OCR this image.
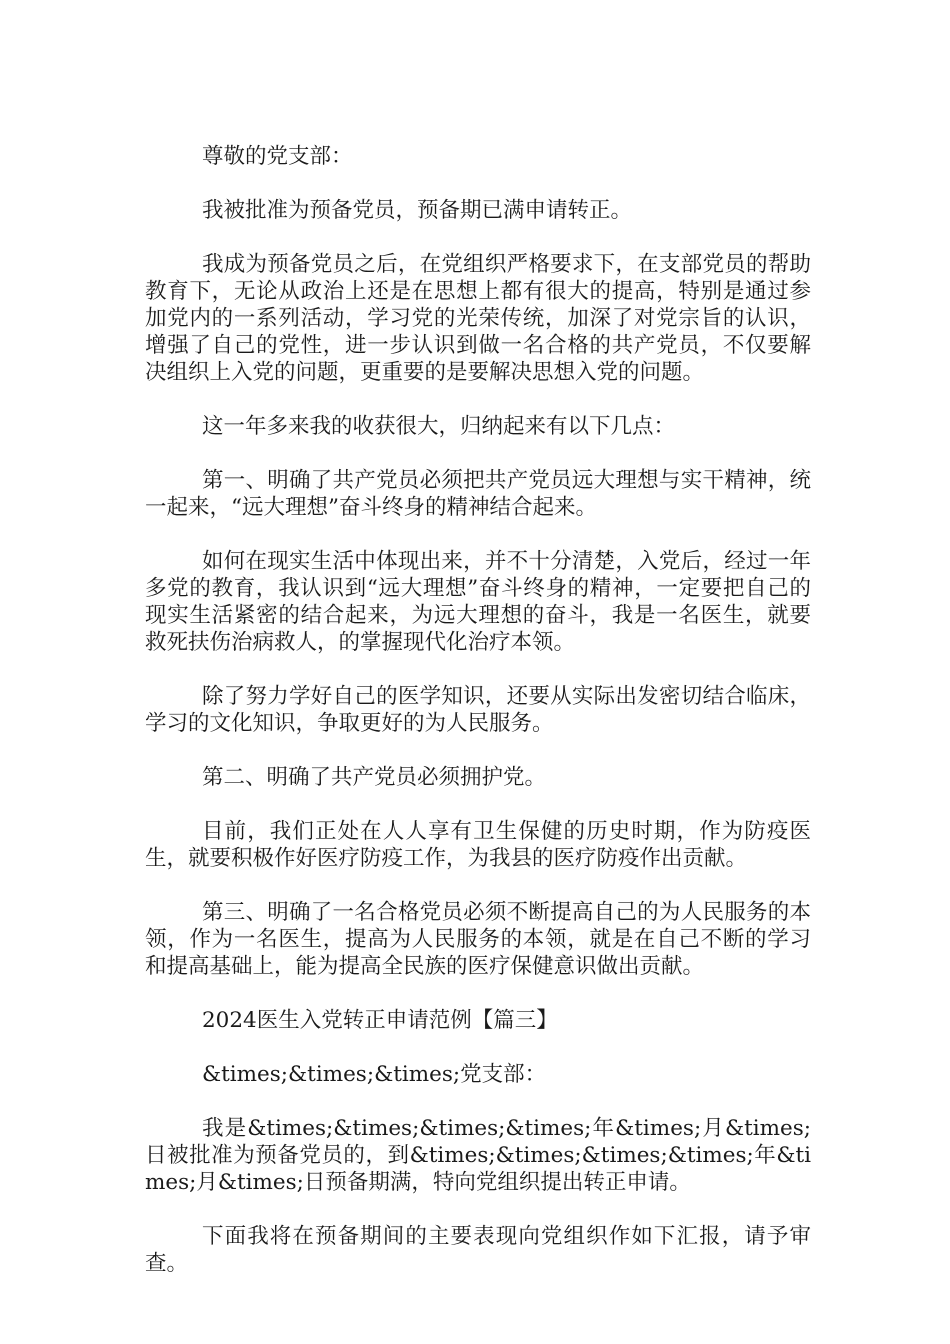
尊敬的党支部：

我被批准为预备党员，预备期已满申请转正。

我成为预备党员之后，在党组织严格要求下，在支部党员的帮助教育下，无论从政治上还是在思想上都有很大的提高，特别是通过参加党内的一系列活动，学习党的光荣传统，加深了对党宗旨的认识，增强了自己的党性，进一步认识到做一名合格的共产党员，不仅要解决组织上入党的问题，更重要的是要解决思想入党的问题。

这一年多来我的收获很大，归纳起来有以下几点：

第一、明确了共产党员必须把共产党员远大理想与实干精神，统一起来，“远大理想”奋斗终身的精神结合起来。

如何在现实生活中体现出来，并不十分清楚，入党后，经过一年多党的教育，我认识到“远大理想”奋斗终身的精神，一定要把自己的现实生活紧密的结合起来，为远大理想的奋斗，我是一名医生，就要救死扶伤治病救人，的掌握现代化治疗本领。

除了努力学好自己的医学知识，还要从实际出发密切结合临床，学习的文化知识，争取更好的为人民服务。

第二、明确了共产党员必须拥护党。

目前，我们正处在人人享有卫生保健的历史时期，作为防疫医生，就要积极作好医疗防疫工作，为我县的医疗防疫作出贡献。

第三、明确了一名合格党员必须不断提高自己的为人民服务的本领，作为一名医生，提高为人民服务的本领，就是在自己不断的学习和提高基础上，能为提高全民族的医疗保健意识做出贡献。

2024医生入党转正申请范例【篇三】

&times;&times;&times;党支部：

我是&times;&times;&times;&times;年&times;月&times;日被批准为预备党员的，到&times;&times;&times;&times;年&times;月&times;日预备期满，特向党组织提出转正申请。

下面我将在预备期间的主要表现向党组织作如下汇报，请予审查。
